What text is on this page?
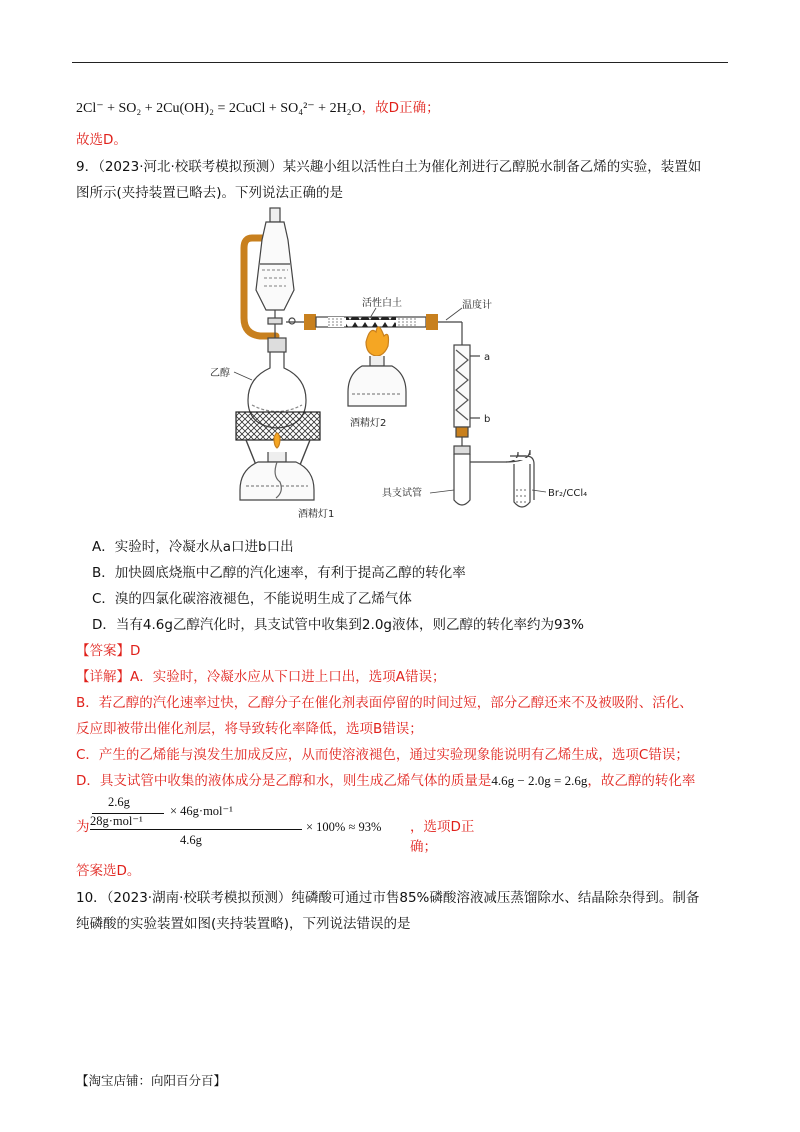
2Cl⁻ + SO₂ + 2Cu(OH)₂ = 2CuCl + SO₄²⁻ + 2H₂O，故D正确；
故选D。
9．（2023·河北·校联考模拟预测）某兴趣小组以活性白土为催化剂进行乙醇脱水制备乙烯的实验，装置如
图所示(夹持装置已略去)。下列说法正确的是
酒精灯1
乙醇
活性白土	温度计
酒精灯2
a
b
具支试管	Br₂/CCl₄
A．实验时，冷凝水从a口进b口出
B．加快圆底烧瓶中乙醇的汽化速率，有利于提高乙醇的转化率
C．溴的四氯化碳溶液褪色，不能说明生成了乙烯气体
D．当有4.6g乙醇汽化时，具支试管中收集到2.0g液体，则乙醇的转化率约为93%
【答案】D
【详解】A．实验时，冷凝水应从下口进上口出，选项A错误；
B．若乙醇的汽化速率过快，乙醇分子在催化剂表面停留的时间过短，部分乙醇还来不及被吸附、活化、
反应即被带出催化剂层，将导致转化率降低，选项B错误；
C．产生的乙烯能与溴发生加成反应，从而使溶液褪色，通过实验现象能说明有乙烯生成，选项C错误；
D．具支试管中收集的液体成分是乙醇和水，则生成乙烯气体的质量是4.6g − 2.0g = 2.6g，故乙醇的转化率
为
2.6g
28g·mol⁻¹
× 46g·mol⁻¹
4.6g
× 100% ≈ 93% ，选项D正确；
答案选D。
10．（2023·湖南·校联考模拟预测）纯磷酸可通过市售85%磷酸溶液减压蒸馏除水、结晶除杂得到。制备
纯磷酸的实验装置如图(夹持装置略)，下列说法错误的是
【淘宝店铺：向阳百分百】
